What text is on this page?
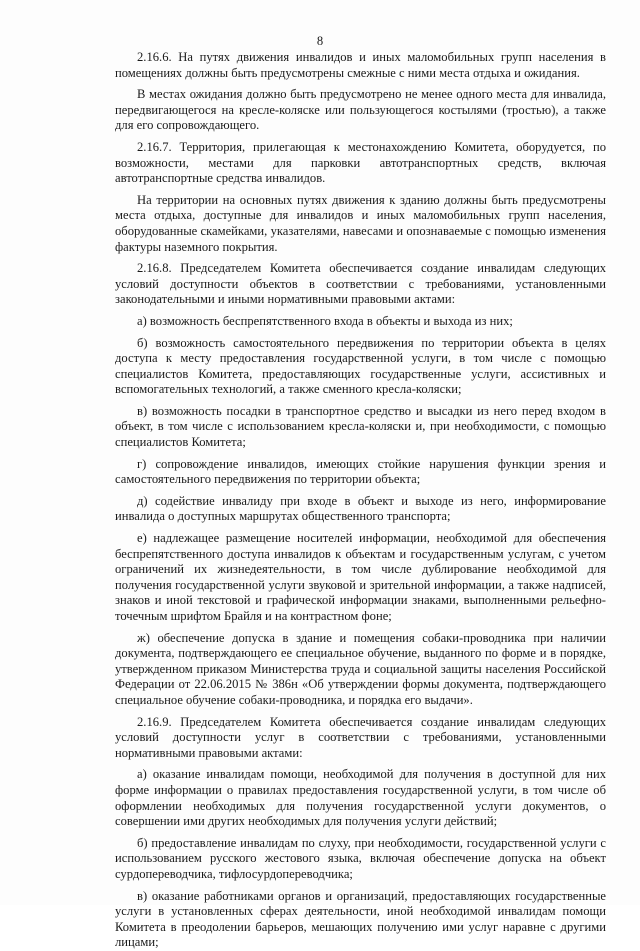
8

2.16.6. На путях движения инвалидов и иных маломобильных групп населения в помещениях должны быть предусмотрены смежные с ними места отдыха и ожидания.

В местах ожидания должно быть предусмотрено не менее одного места для инвалида, передвигающегося на кресле-коляске или пользующегося костылями (тростью), а также для его сопровождающего.

2.16.7. Территория, прилегающая к местонахождению Комитета, оборудуется, по возможности, местами для парковки автотранспортных средств, включая автотранспортные средства инвалидов.

На территории на основных путях движения к зданию должны быть предусмотрены места отдыха, доступные для инвалидов и иных маломобильных групп населения, оборудованные скамейками, указателями, навесами и опознаваемые с помощью изменения фактуры наземного покрытия.

2.16.8. Председателем Комитета обеспечивается создание инвалидам следующих условий доступности объектов в соответствии с требованиями, установленными законодательными и иными нормативными правовыми актами:

а) возможность беспрепятственного входа в объекты и выхода из них;

б) возможность самостоятельного передвижения по территории объекта в целях доступа к месту предоставления государственной услуги, в том числе с помощью специалистов Комитета, предоставляющих государственные услуги, ассистивных и вспомогательных технологий, а также сменного кресла-коляски;

в) возможность посадки в транспортное средство и высадки из него перед входом в объект, в том числе с использованием кресла-коляски и, при необходимости, с помощью специалистов Комитета;

г) сопровождение инвалидов, имеющих стойкие нарушения функции зрения и самостоятельного передвижения по территории объекта;

д) содействие инвалиду при входе в объект и выходе из него, информирование инвалида о доступных маршрутах общественного транспорта;

е) надлежащее размещение носителей информации, необходимой для обеспечения беспрепятственного доступа инвалидов к объектам и государственным услугам, с учетом ограничений их жизнедеятельности, в том числе дублирование необходимой для получения государственной услуги звуковой и зрительной информации, а также надписей, знаков и иной текстовой и графической информации знаками, выполненными рельефно-точечным шрифтом Брайля и на контрастном фоне;

ж) обеспечение допуска в здание и помещения собаки-проводника при наличии документа, подтверждающего ее специальное обучение, выданного по форме и в порядке, утвержденном приказом Министерства труда и социальной защиты населения Российской Федерации от 22.06.2015 № 386н «Об утверждении формы документа, подтверждающего специальное обучение собаки-проводника, и порядка его выдачи».

2.16.9. Председателем Комитета обеспечивается создание инвалидам следующих условий доступности услуг в соответствии с требованиями, установленными нормативными правовыми актами:

а) оказание инвалидам помощи, необходимой для получения в доступной для них форме информации о правилах предоставления государственной услуги, в том числе об оформлении необходимых для получения государственной услуги документов, о совершении ими других необходимых для получения услуги действий;

б) предоставление инвалидам по слуху, при необходимости, государственной услуги с использованием русского жестового языка, включая обеспечение допуска на объект сурдопереводчика, тифлосурдопереводчика;

в) оказание работниками органов и организаций, предоставляющих государственные услуги в установленных сферах деятельности, иной необходимой инвалидам помощи Комитета в преодолении барьеров, мешающих получению ими услуг наравне с другими лицами;
